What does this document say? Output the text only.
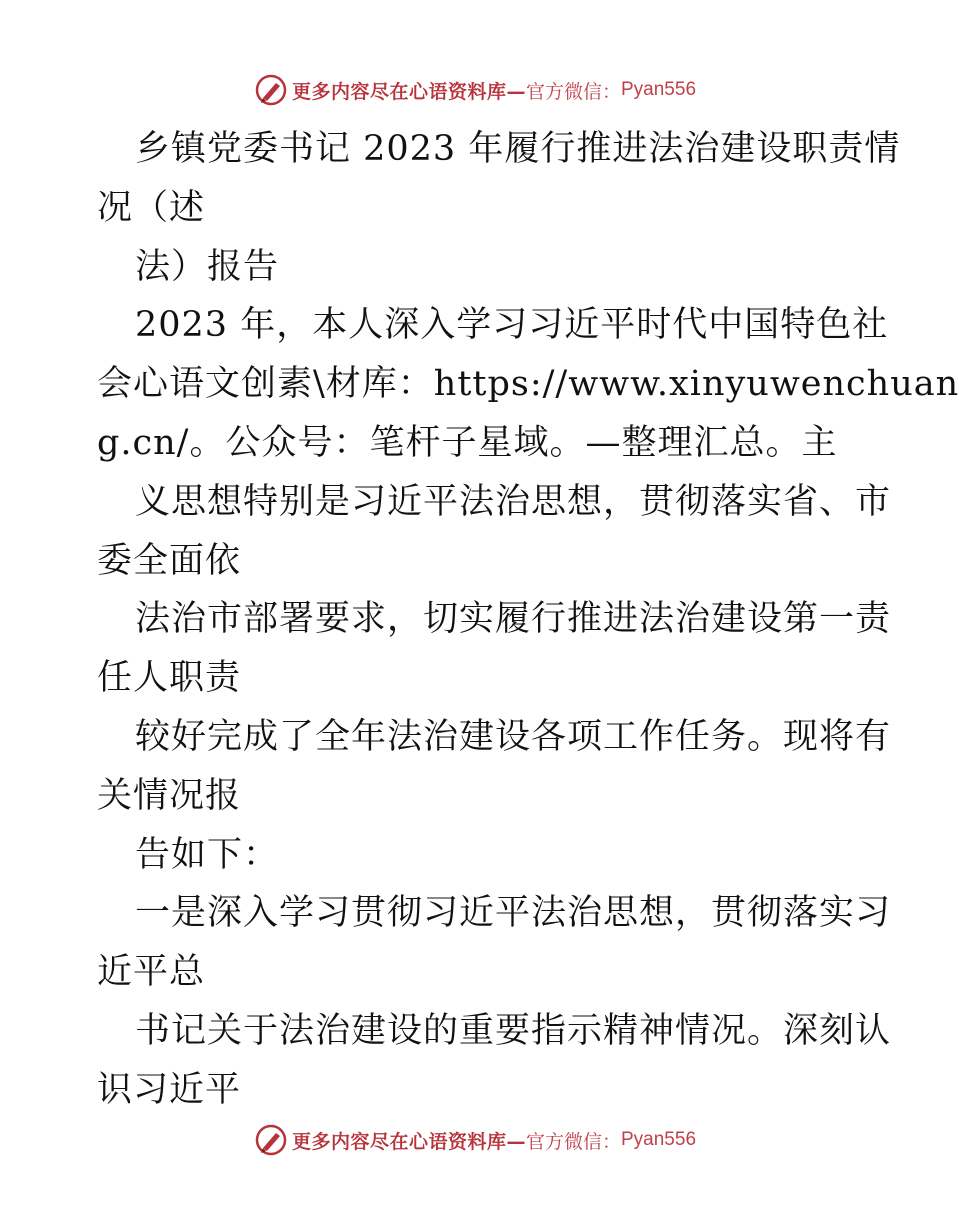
更多内容尽在心语资料库— 官方微信： Pyan556
乡镇党委书记 2023 年履行推进法治建设职责情
况（述
法）报告
2023 年，本人深入学习习近平时代中国特色社
会心语文创素\材库：https://www.xinyuwenchuan
g.cn/。公众号：笔杆子星域。—整理汇总。主
义思想特别是习近平法治思想，贯彻落实省、市
委全面依
法治市部署要求，切实履行推进法治建设第一责
任人职责
较好完成了全年法治建设各项工作任务。现将有
关情况报
告如下：
一是深入学习贯彻习近平法治思想，贯彻落实习
近平总
书记关于法治建设的重要指示精神情况。深刻认
识习近平
更多内容尽在心语资料库— 官方微信： Pyan556
